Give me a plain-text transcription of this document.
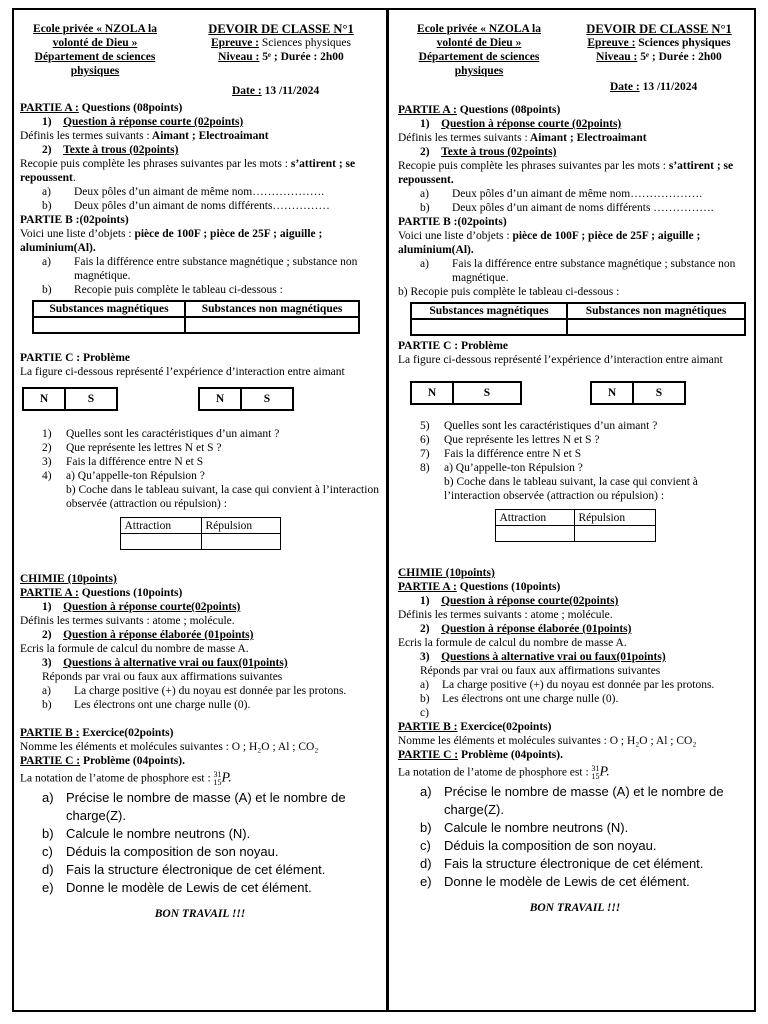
Ecole privée « NZOLA la volonté de Dieu » Département de sciences physiques
DEVOIR DE CLASSE N°1
Epreuve : Sciences physiques
Niveau : 5ᵉ ; Durée : 2h00
Date : 13 /11/2024

PARTIE A : Questions (08points)

1) Question à réponse courte (02points)

Définis les termes suivants : Aimant ; Electroaimant

2) Texte à trous (02points)

Recopie puis complète les phrases suivantes par les mots : s’attirent ; se repoussent.

a)	Deux pôles d’un aimant de même nom……………….
b)	Deux pôles d’un aimant de noms différents……………

PARTIE B :(02points)

Voici une liste d’objets : pièce de 100F ; pièce de 25F ; aiguille ; aluminium(Al).

a)	Fais la différence entre substance magnétique ; substance non magnétique.
b)	Recopie puis complète le tableau ci-dessous :
Substances magnétiques	Substances non magnétiques

PARTIE C : Problème

La figure ci-dessous représenté l’expérience d’interaction entre aimant

N	S	N	S
1)	Quelles sont les caractéristiques d’un aimant ?
2)	Que représente les lettres N et S ?
3)	Fais la différence entre N et S
4)	a) Qu’appelle-ton Répulsion ?

b) Coche dans le tableau suivant, la case qui convient à l’interaction observée (attraction ou répulsion) :

Attraction	Répulsion

CHIMIE (10points)

PARTIE A : Questions (10points)

1) Question à réponse courte(02points)

Définis les termes suivants : atome ; molécule.

2) Question à réponse élaborée (01points)

Ecris la formule de calcul du nombre de masse A.

3) Questions à alternative vrai ou faux(01points)

Réponds par vrai ou faux aux affirmations suivantes

a)	La charge positive (+) du noyau est donnée par les protons.
b)	Les électrons ont une charge nulle (0).

PARTIE B : Exercice(02points)

Nomme les éléments et molécules suivantes : O ; H₂O ; Al ; CO₂

PARTIE C : Problème (04points).

La notation de l’atome de phosphore est : 31
15P.

a) Précise le nombre de masse (A) et le nombre de charge(Z).
b) Calcule le nombre neutrons (N).
c)	Déduis la composition de son noyau.
d) Fais la structure électronique de cet élément.
e) Donne le modèle de Lewis de cet élément.

BON TRAVAIL !!!

Ecole privée « NZOLA la volonté de Dieu » Département de sciences physiques
DEVOIR DE CLASSE N°1
Epreuve : Sciences physiques
Niveau : 5ᵉ ; Durée : 2h00
Date : 13 /11/2024

PARTIE A : Questions (08points)

1) Question à réponse courte (02points)

Définis les termes suivants : Aimant ; Electroaimant

2) Texte à trous (02points)

Recopie puis complète les phrases suivantes par les mots : s’attirent ; se repoussent.

a)	Deux pôles d’un aimant de même nom……………….
b)	Deux pôles d’un aimant de noms différents …………….

PARTIE B :(02points)

Voici une liste d’objets : pièce de 100F ; pièce de 25F ; aiguille ; aluminium(Al).

a)	Fais la différence entre substance magnétique ; substance non magnétique.

b) Recopie puis complète le tableau ci-dessous :

Substances magnétiques	Substances non magnétiques

PARTIE C : Problème

La figure ci-dessous représenté l’expérience d’interaction entre aimant

N	S	N	S
5)	Quelles sont les caractéristiques d’un aimant ?
6)	Que représente les lettres N et S ?
7)	Fais la différence entre N et S
8)	a) Qu’appelle-ton Répulsion ?

b) Coche dans le tableau suivant, la case qui convient à l’interaction observée (attraction ou répulsion) :

Attraction	Répulsion

CHIMIE (10points)

PARTIE A : Questions (10points)

1) Question à réponse courte(02points)

Définis les termes suivants : atome ; molécule.

2) Question à réponse élaborée (01points)

Ecris la formule de calcul du nombre de masse A.

3) Questions à alternative vrai ou faux(01points)

Réponds par vrai ou faux aux affirmations suivantes

a)	La charge positive (+) du noyau est donnée par les protons.
b)	Les électrons ont une charge nulle (0).
c)

PARTIE B : Exercice(02points)

Nomme les éléments et molécules suivantes : O ; H₂O ; Al ; CO₂

PARTIE C : Problème (04points).

La notation de l’atome de phosphore est : 31
15P.

a) Précise le nombre de masse (A) et le nombre de charge(Z).
b) Calcule le nombre neutrons (N).
c)	Déduis la composition de son noyau.
d) Fais la structure électronique de cet élément.
e) Donne le modèle de Lewis de cet élément.

BON TRAVAIL !!!
